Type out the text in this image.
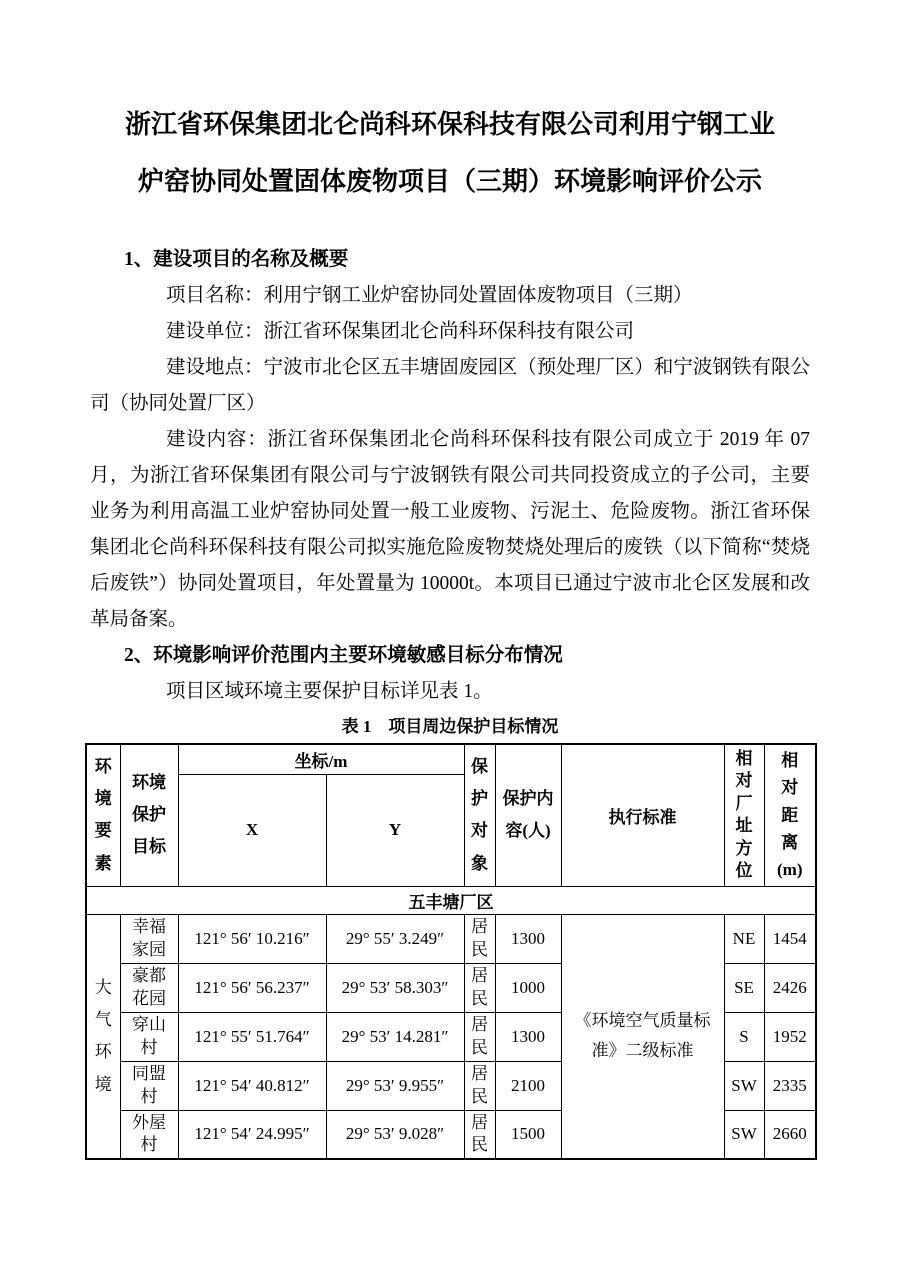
浙江省环保集团北仑尚科环保科技有限公司利用宁钢工业
炉窑协同处置固体废物项目（三期）环境影响评价公示
1、建设项目的名称及概要

项目名称：利用宁钢工业炉窑协同处置固体废物项目（三期）

建设单位：浙江省环保集团北仑尚科环保科技有限公司

建设地点：宁波市北仑区五丰塘固废园区（预处理厂区）和宁波钢铁有限公司（协同处置厂区）

建设内容：浙江省环保集团北仑尚科环保科技有限公司成立于 2019 年 07 月，为浙江省环保集团有限公司与宁波钢铁有限公司共同投资成立的子公司，主要业务为利用高温工业炉窑协同处置一般工业废物、污泥土、危险废物。浙江省环保集团北仑尚科环保科技有限公司拟实施危险废物焚烧处理后的废铁（以下简称“焚烧后废铁”）协同处置项目，年处置量为 10000t。本项目已通过宁波市北仑区发展和改革局备案。

2、环境影响评价范围内主要环境敏感目标分布情况

项目区域环境主要保护目标详见表 1。

表 1　项目周边保护目标情况
环境要素	环境保护目标	坐标/m		保护对象	保护内容(人)	执行标准	相对厂址方位	相对距离(m)

		X	Y					
五丰塘厂区								

大气环境	幸福家园	121° 56′ 10.216″	29° 55′ 3.249″	居民	1300	《环境空气质量标准》二级标准	NE	1454

	豪都花园	121° 56′ 56.237″	29° 53′ 58.303″	居民	1000		SE	2426

	穿山村	121° 55′ 51.764″	29° 53′ 14.281″	居民	1300		S	1952

	同盟村	121° 54′ 40.812″	29° 53′ 9.955″	居民	2100		SW	2335

	外屋村	121° 54′ 24.995″	29° 53′ 9.028″	居民	1500		SW	2660
